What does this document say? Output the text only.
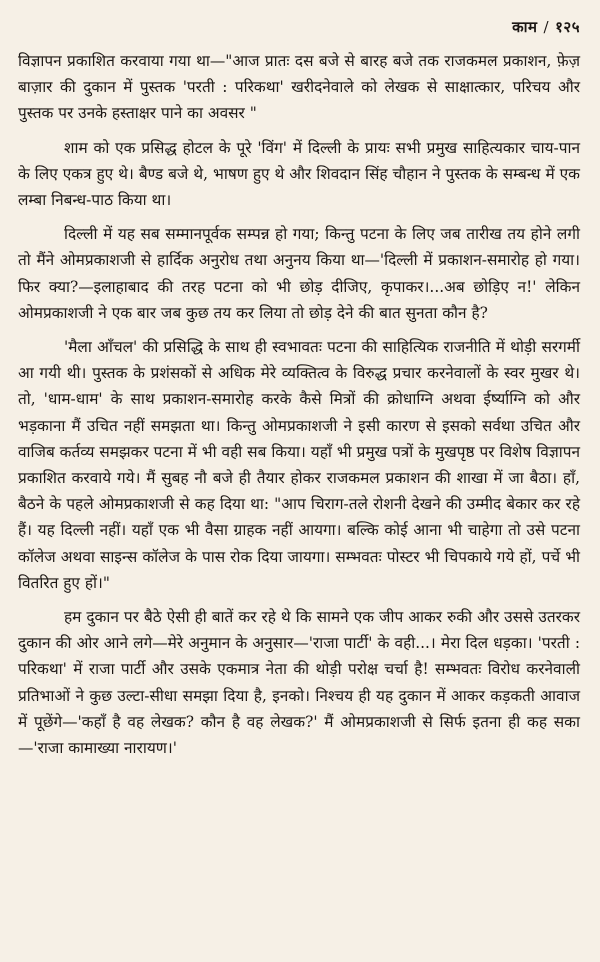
काम / १२५

विज्ञापन प्रकाशित करवाया गया था—"आज प्रातः दस बजे से बारह बजे तक राजकमल प्रकाशन, फ़ेज़ बाज़ार की दुकान में पुस्तक 'परती : परिकथा' खरीदनेवाले को लेखक से साक्षात्कार, परिचय और पुस्तक पर उनके हस्ताक्षर पाने का अवसर "

शाम को एक प्रसिद्ध होटल के पूरे 'विंग' में दिल्ली के प्रायः सभी प्रमुख साहित्यकार चाय-पान के लिए एकत्र हुए थे। बैण्ड बजे थे, भाषण हुए थे और शिवदान सिंह चौहान ने पुस्तक के सम्बन्ध में एक लम्बा निबन्ध-पाठ किया था।

दिल्ली में यह सब सम्मानपूर्वक सम्पन्न हो गया; किन्तु पटना के लिए जब तारीख तय होने लगी तो मैंने ओमप्रकाशजी से हार्दिक अनुरोध तथा अनुनय किया था—'दिल्ली में प्रकाशन-समारोह हो गया। फिर क्या?—इलाहाबाद की तरह पटना को भी छोड़ दीजिए, कृपाकर।...अब छोड़िए न!' लेकिन ओमप्रकाशजी ने एक बार जब कुछ तय कर लिया तो छोड़ देने की बात सुनता कौन है?

'मैला आँचल' की प्रसिद्धि के साथ ही स्वभावतः पटना की साहित्यिक राजनीति में थोड़ी सरगर्मी आ गयी थी। पुस्तक के प्रशंसकों से अधिक मेरे व्यक्तित्व के विरुद्ध प्रचार करनेवालों के स्वर मुखर थे। तो, 'धाम-धाम' के साथ प्रकाशन-समारोह करके कैसे मित्रों की क्रोधाग्नि अथवा ईर्ष्याग्नि को और भड़काना मैं उचित नहीं समझता था। किन्तु ओमप्रकाशजी ने इसी कारण से इसको सर्वथा उचित और वाजिब कर्तव्य समझकर पटना में भी वही सब किया। यहाँ भी प्रमुख पत्रों के मुखपृष्ठ पर विशेष विज्ञापन प्रकाशित करवाये गये। मैं सुबह नौ बजे ही तैयार होकर राजकमल प्रकाशन की शाखा में जा बैठा। हाँ, बैठने के पहले ओमप्रकाशजी से कह दिया था: "आप चिराग-तले रोशनी देखने की उम्मीद बेकार कर रहे हैं। यह दिल्ली नहीं। यहाँ एक भी वैसा ग्राहक नहीं आयगा। बल्कि कोई आना भी चाहेगा तो उसे पटना कॉलेज अथवा साइन्स कॉलेज के पास रोक दिया जायगा। सम्भवतः पोस्टर भी चिपकाये गये हों, पर्चे भी वितरित हुए हों।"

हम दुकान पर बैठे ऐसी ही बातें कर रहे थे कि सामने एक जीप आकर रुकी और उससे उतरकर दुकान की ओर आने लगे—मेरे अनुमान के अनुसार—'राजा पार्टी' के वही...। मेरा दिल धड़का। 'परती : परिकथा' में राजा पार्टी और उसके एकमात्र नेता की थोड़ी परोक्ष चर्चा है! सम्भवतः विरोध करनेवाली प्रतिभाओं ने कुछ उल्टा-सीधा समझा दिया है, इनको। निश्चय ही यह दुकान में आकर कड़कती आवाज में पूछेंगे—'कहाँ है वह लेखक? कौन है वह लेखक?' मैं ओमप्रकाशजी से सिर्फ इतना ही कह सका—'राजा कामाख्या नारायण।'
